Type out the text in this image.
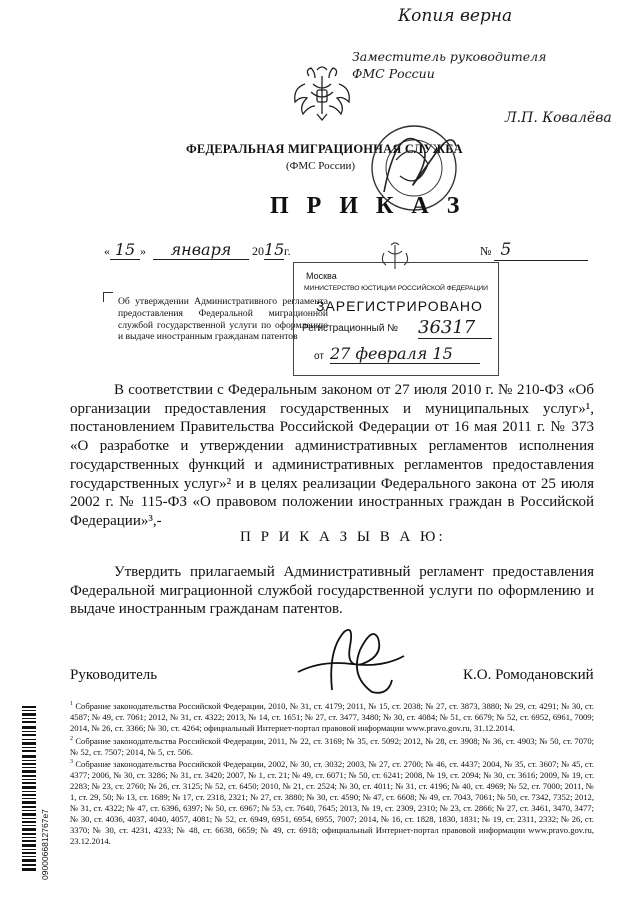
Копия верна
Заместитель руководителя
ФМС России
Л.П. Ковалёва
ФЕДЕРАЛЬНАЯ МИГРАЦИОННАЯ СЛУЖБА
(ФМС России)
П Р И К А З
« 15 » января 2015г.	№ 5
Об утверждении Административного регламента предоставления Федеральной миграционной службой государственной услуги по оформлению и выдаче иностранным гражданам патентов
Москва
МИНИСТЕРСТВО ЮСТИЦИИ РОССИЙСКОЙ ФЕДЕРАЦИИ
ЗАРЕГИСТРИРОВАНО
Регистрационный № 36317
от 27 февраля 15

В соответствии с Федеральным законом от 27 июля 2010 г. № 210-ФЗ «Об организации предоставления государственных и муниципальных услуг»¹, постановлением Правительства Российской Федерации от 16 мая 2011 г. № 373 «О разработке и утверждении административных регламентов исполнения государственных функций и административных регламентов предоставления государственных услуг»² и в целях реализации Федерального закона от 25 июля 2002 г. № 115-ФЗ «О правовом положении иностранных граждан в Российской Федерации»³,-

П Р И К А З Ы В А Ю:
Утвердить прилагаемый Административный регламент предоставления Федеральной миграционной службой государственной услуги по оформлению и выдаче иностранным гражданам патентов.
Руководитель	К.О. Ромодановский

$^1$ Собрание законодательства Российской Федерации, 2010, № 31, ст. 4179; 2011, № 15, ст. 2038; № 27, ст. 3873, 3880; № 29, ст. 4291; № 30, ст. 4587; № 49, ст. 7061; 2012, № 31, ст. 4322; 2013, № 14, ст. 1651; № 27, ст. 3477, 3480; № 30, ст. 4084; № 51, ст. 6679; № 52, ст. 6952, 6961, 7009; 2014, № 26, ст. 3366; № 30, ст. 4264; официальный Интернет-портал правовой информации www.pravo.gov.ru, 31.12.2014.

$^2$ Собрание законодательства Российской Федерации, 2011, № 22, ст. 3169; № 35, ст. 5092; 2012, № 28, ст. 3908; № 36, ст. 4903; № 50, ст. 7070; № 52, ст. 7507; 2014, № 5, ст. 506.

$^3$ Собрание законодательства Российской Федерации, 2002, № 30, ст. 3032; 2003, № 27, ст. 2700; № 46, ст. 4437; 2004, № 35, ст. 3607; № 45, ст. 4377; 2006, № 30, ст. 3286; № 31, ст. 3420; 2007, № 1, ст. 21; № 49, ст. 6071; № 50, ст. 6241; 2008, № 19, ст. 2094; № 30, ст. 3616; 2009, № 19, ст. 2283; № 23, ст. 2760; № 26, ст. 3125; № 52, ст. 6450; 2010, № 21, ст. 2524; № 30, ст. 4011; № 31, ст. 4196; № 40, ст. 4969; № 52, ст. 7000; 2011, № 1, ст. 29, 50; № 13, ст. 1689; № 17, ст. 2318, 2321; № 27, ст. 3880; № 30, ст. 4590; № 47, ст. 6608; № 49, ст. 7043, 7061; № 50, ст. 7342, 7352; 2012, № 31, ст. 4322; № 47, ст. 6396, 6397; № 50, ст. 6967; № 53, ст. 7640, 7645; 2013, № 19, ст. 2309, 2310; № 23, ст. 2866; № 27, ст. 3461, 3470, 3477; № 30, ст. 4036, 4037, 4040, 4057, 4081; № 52, ст. 6949, 6951, 6954, 6955, 7007; 2014, № 16, ст. 1828, 1830, 1831; № 19, ст. 2311, 2332; № 26, ст. 3370; № 30, ст. 4231, 4233; № 48, ст. 6638, 6659; № 49, ст. 6918; официальный Интернет-портал правовой информации www.pravo.gov.ru, 23.12.2014.

0900066812767e7
